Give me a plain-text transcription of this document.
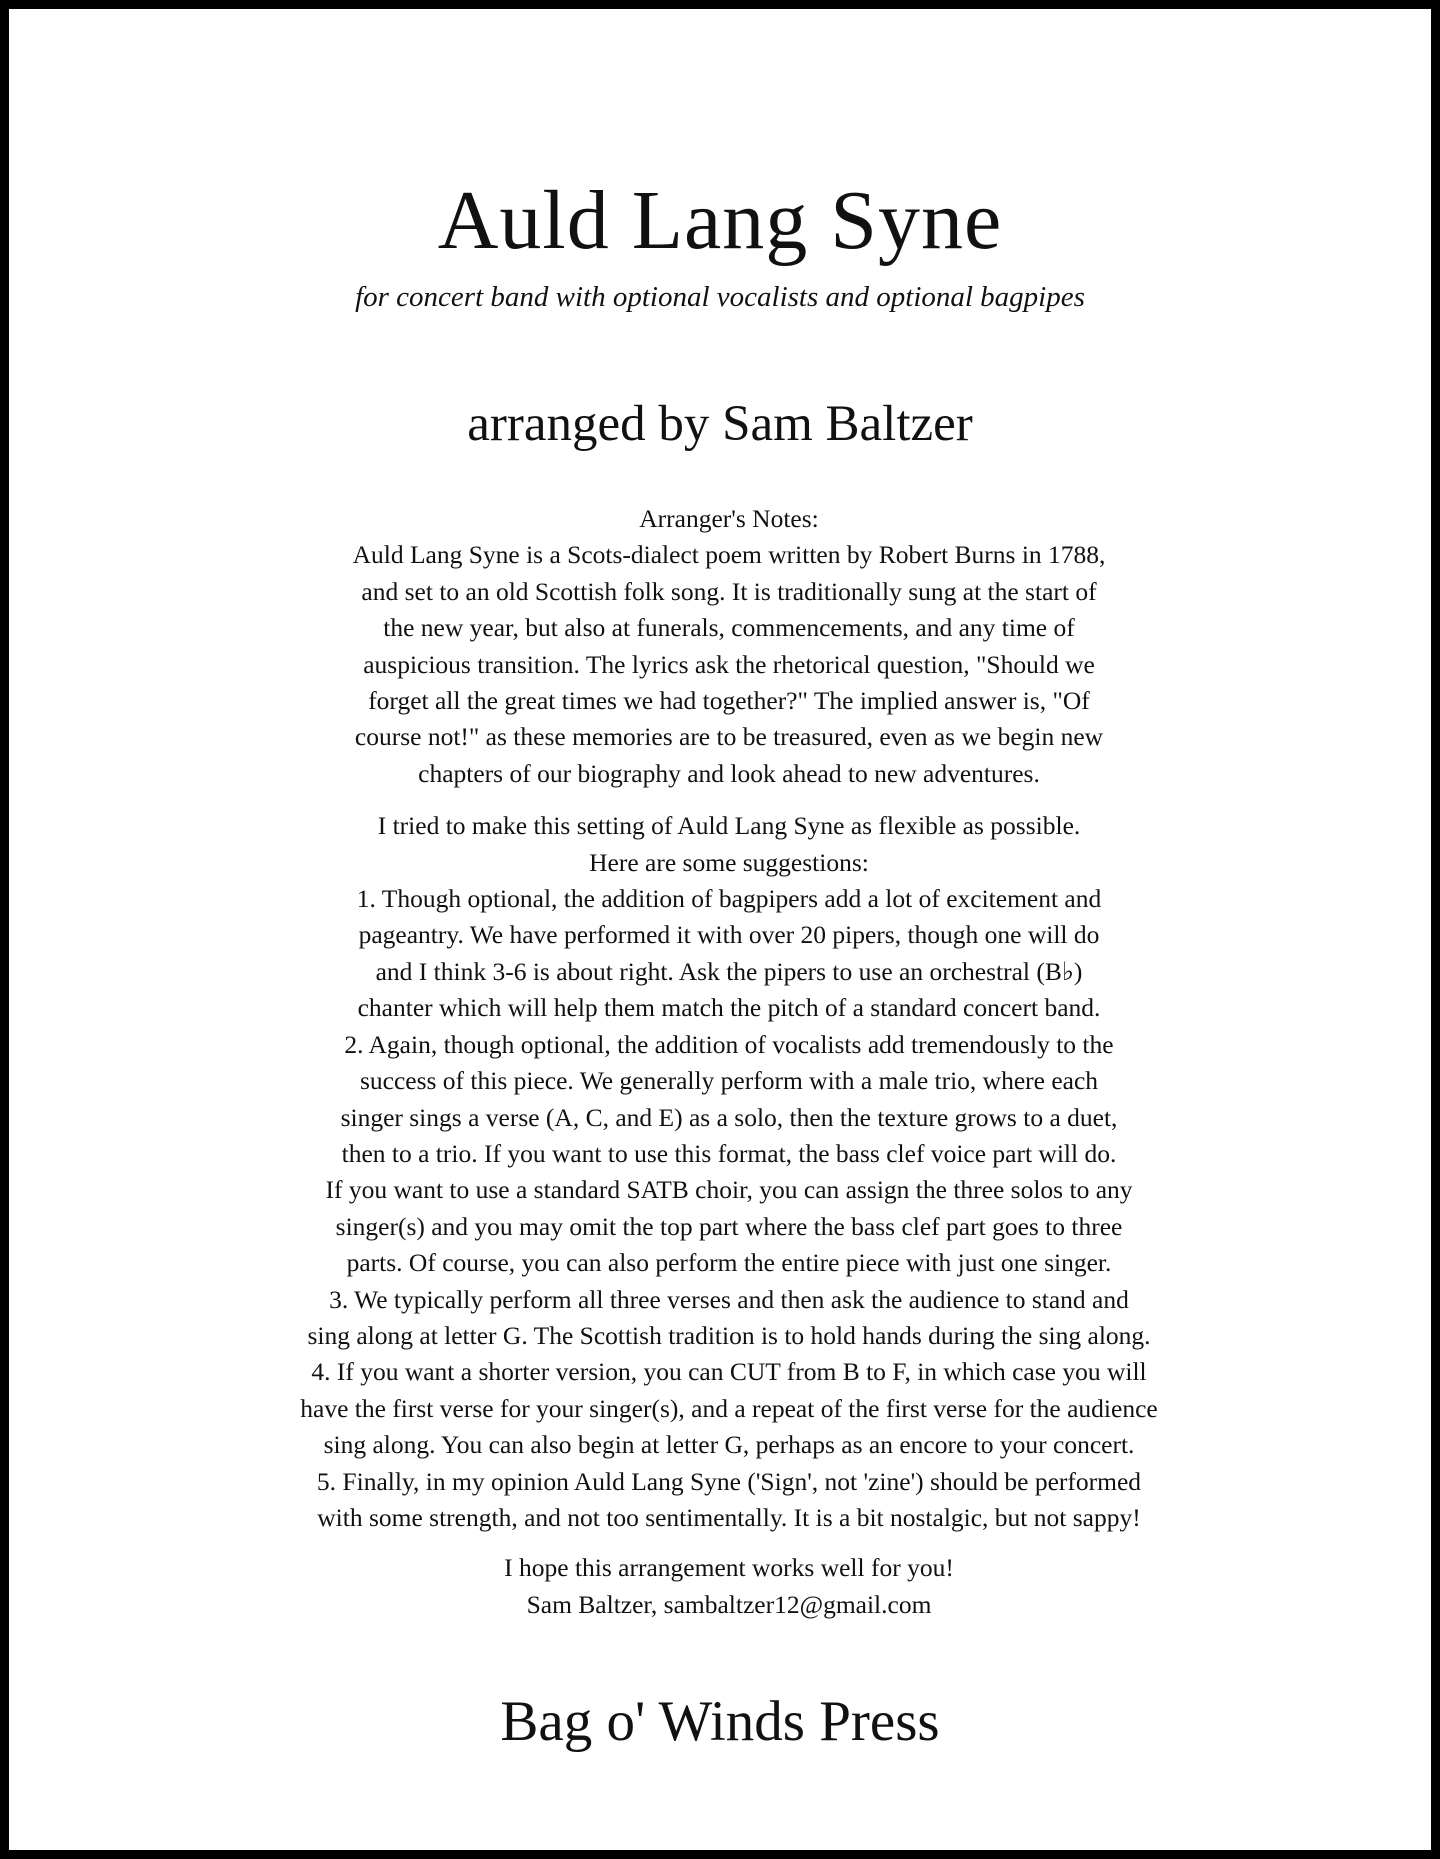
Auld Lang Syne
for concert band with optional vocalists and optional bagpipes
arranged by Sam Baltzer
Arranger's Notes:
Auld Lang Syne is a Scots-dialect poem written by Robert Burns in 1788,
and set to an old Scottish folk song. It is traditionally sung at the start of
the new year, but also at funerals, commencements, and any time of
auspicious transition. The lyrics ask the rhetorical question, "Should we
forget all the great times we had together?" The implied answer is, "Of
course not!" as these memories are to be treasured, even as we begin new
chapters of our biography and look ahead to new adventures.
I tried to make this setting of Auld Lang Syne as flexible as possible.
Here are some suggestions:
1. Though optional, the addition of bagpipers add a lot of excitement and
pageantry. We have performed it with over 20 pipers, though one will do
and I think 3-6 is about right. Ask the pipers to use an orchestral (B♭)
chanter which will help them match the pitch of a standard concert band.
2. Again, though optional, the addition of vocalists add tremendously to the
success of this piece. We generally perform with a male trio, where each
singer sings a verse (A, C, and E) as a solo, then the texture grows to a duet,
then to a trio. If you want to use this format, the bass clef voice part will do.
If you want to use a standard SATB choir, you can assign the three solos to any
singer(s) and you may omit the top part where the bass clef part goes to three
parts. Of course, you can also perform the entire piece with just one singer.
3. We typically perform all three verses and then ask the audience to stand and
sing along at letter G. The Scottish tradition is to hold hands during the sing along.
4. If you want a shorter version, you can CUT from B to F, in which case you will
have the first verse for your singer(s), and a repeat of the first verse for the audience
sing along. You can also begin at letter G, perhaps as an encore to your concert.
5. Finally, in my opinion Auld Lang Syne ('Sign', not 'zine') should be performed
with some strength, and not too sentimentally. It is a bit nostalgic, but not sappy!
I hope this arrangement works well for you!
Sam Baltzer, sambaltzer12@gmail.com
Bag o' Winds Press
